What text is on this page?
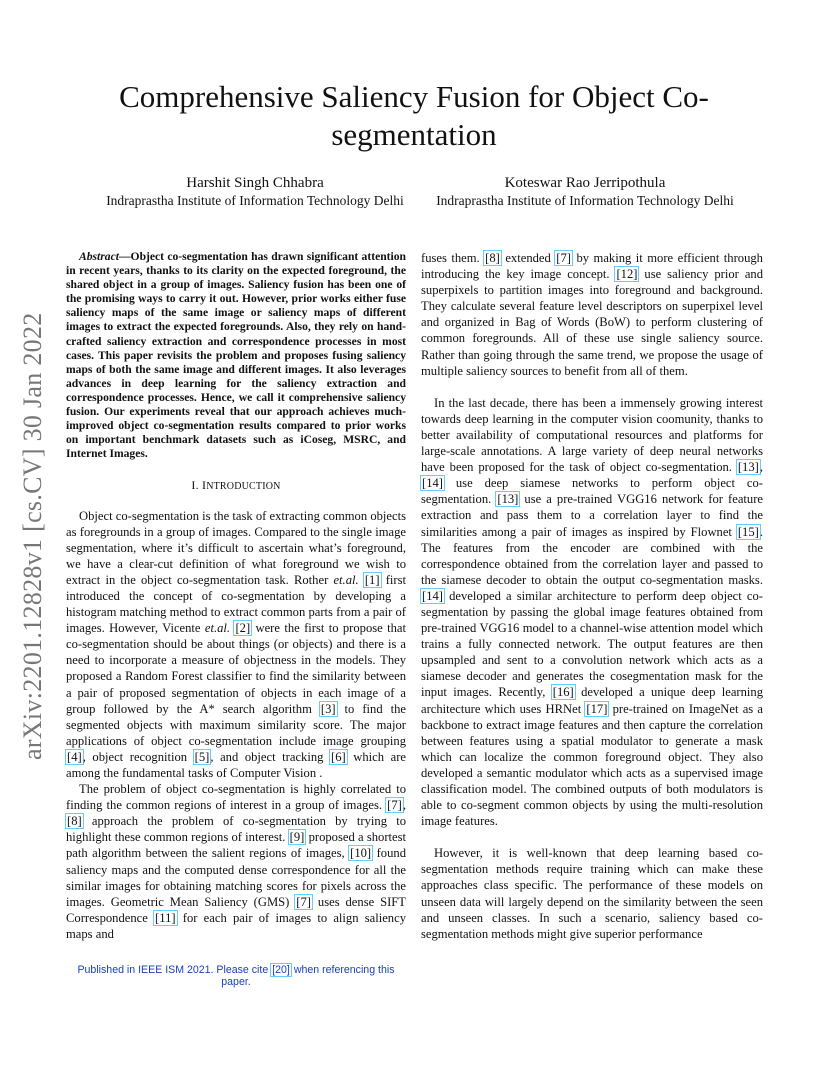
arXiv:2201.12828v1 [cs.CV] 30 Jan 2022
Comprehensive Saliency Fusion for Object Co-segmentation
Harshit Singh Chhabra
Indraprastha Institute of Information Technology Delhi
Koteswar Rao Jerripothula
Indraprastha Institute of Information Technology Delhi

Abstract—Object co-segmentation has drawn significant attention in recent years, thanks to its clarity on the expected foreground, the shared object in a group of images. Saliency fusion has been one of the promising ways to carry it out. However, prior works either fuse saliency maps of the same image or saliency maps of different images to extract the expected foregrounds. Also, they rely on hand-crafted saliency extraction and correspondence processes in most cases. This paper revisits the problem and proposes fusing saliency maps of both the same image and different images. It also leverages advances in deep learning for the saliency extraction and correspondence processes. Hence, we call it comprehensive saliency fusion. Our experiments reveal that our approach achieves much-improved object co-segmentation results compared to prior works on important benchmark datasets such as iCoseg, MSRC, and Internet Images.

I. INTRODUCTION

Object co-segmentation is the task of extracting common objects as foregrounds in a group of images. Compared to the single image segmentation, where it’s difficult to ascertain what’s foreground, we have a clear-cut definition of what foreground we wish to extract in the object co-segmentation task. Rother et.al. [1] first introduced the concept of co-segmentation by developing a histogram matching method to extract common parts from a pair of images. However, Vicente et.al. [2] were the first to propose that co-segmentation should be about things (or objects) and there is a need to incorporate a measure of objectness in the models. They proposed a Random Forest classifier to find the similarity between a pair of proposed segmentation of objects in each image of a group followed by the A* search algorithm [3] to find the segmented objects with maximum similarity score. The major applications of object co-segmentation include image grouping [4], object recognition [5], and object tracking [6] which are among the fundamental tasks of Computer Vision .

The problem of object co-segmentation is highly correlated to finding the common regions of interest in a group of images. [7], [8] approach the problem of co-segmentation by trying to highlight these common regions of interest. [9] proposed a shortest path algorithm between the salient regions of images, [10] found saliency maps and the computed dense correspondence for all the similar images for obtaining matching scores for pixels across the images. Geometric Mean Saliency (GMS) [7] uses dense SIFT Correspondence [11] for each pair of images to align saliency maps and

Published in IEEE ISM 2021. Please cite [20] when referencing this paper.

fuses them. [8] extended [7] by making it more efficient through introducing the key image concept. [12] use saliency prior and superpixels to partition images into foreground and background. They calculate several feature level descriptors on superpixel level and organized in Bag of Words (BoW) to perform clustering of common foregrounds. All of these use single saliency source. Rather than going through the same trend, we propose the usage of multiple saliency sources to benefit from all of them.

In the last decade, there has been a immensely growing interest towards deep learning in the computer vision coomunity, thanks to better availability of computational resources and platforms for large-scale annotations. A large variety of deep neural networks have been proposed for the task of object co-segmentation. [13], [14] use deep siamese networks to perform object co-segmentation. [13] use a pre-trained VGG16 network for feature extraction and pass them to a correlation layer to find the similarities among a pair of images as inspired by Flownet [15]. The features from the encoder are combined with the correspondence obtained from the correlation layer and passed to the siamese decoder to obtain the output co-segmentation masks. [14] developed a similar architecture to perform deep object co-segmentation by passing the global image features obtained from pre-trained VGG16 model to a channel-wise attention model which trains a fully connected network. The output features are then upsampled and sent to a convolution network which acts as a siamese decoder and generates the cosegmentation mask for the input images. Recently, [16] developed a unique deep learning architecture which uses HRNet [17] pre-trained on ImageNet as a backbone to extract image features and then capture the correlation between features using a spatial modulator to generate a mask which can localize the common foreground object. They also developed a semantic modulator which acts as a supervised image classification model. The combined outputs of both modulators is able to co-segment common objects by using the multi-resolution image features.

However, it is well-known that deep learning based co-segmentation methods require training which can make these approaches class specific. The performance of these models on unseen data will largely depend on the similarity between the seen and unseen classes. In such a scenario, saliency based co-segmentation methods might give superior performance
